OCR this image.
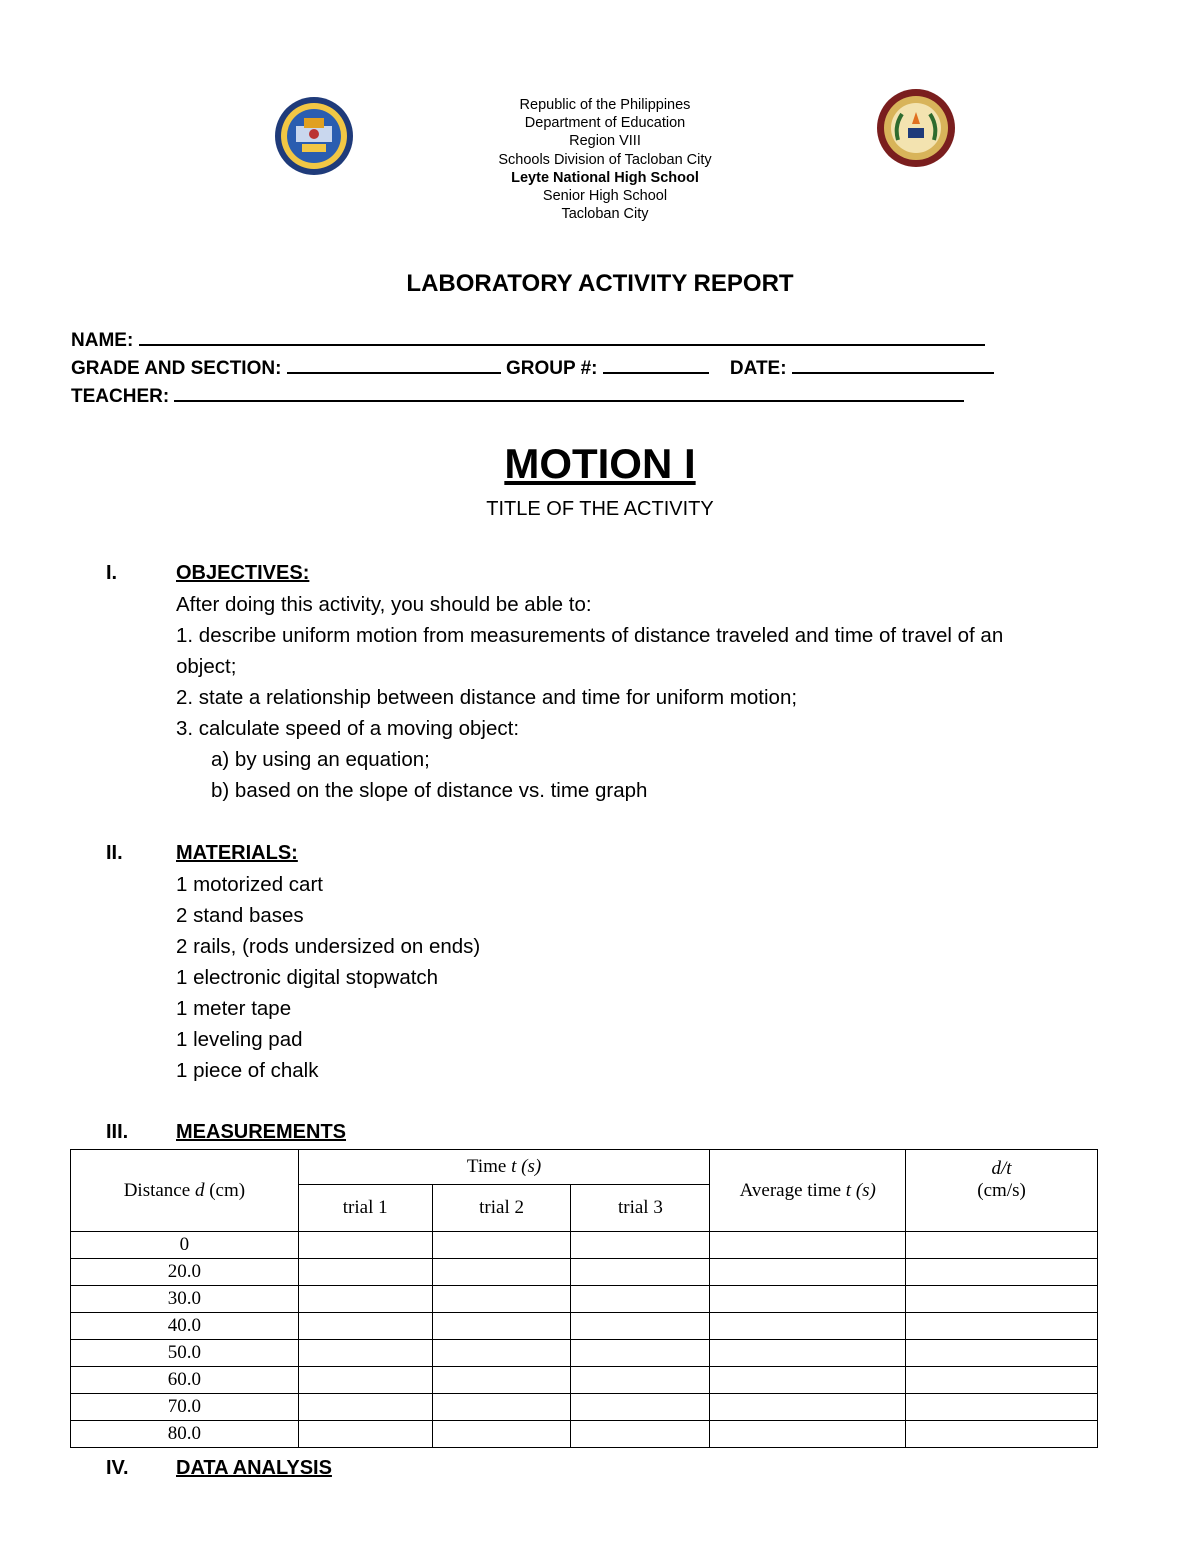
Republic of the Philippines
Department of Education
Region VIII
Schools Division of Tacloban City
Leyte National High School
Senior High School
Tacloban City
LABORATORY ACTIVITY REPORT
NAME:
GRADE AND SECTION:	GROUP #:	DATE:
TEACHER:
MOTION I
TITLE OF THE ACTIVITY
I.	OBJECTIVES:
After doing this activity, you should be able to:
1. describe uniform motion from measurements of distance traveled and time of travel of an
object;
2. state a relationship between distance and time for uniform motion;
3. calculate speed of a moving object:
a) by using an equation;
b) based on the slope of distance vs. time graph
II.	MATERIALS:
1 motorized cart
2 stand bases
2 rails, (rods undersized on ends)
1 electronic digital stopwatch
1 meter tape
1 leveling pad
1 piece of chalk
III. MEASUREMENTS
Distance d (cm)	Time t (s)			Average time t (s)	d/t
(cm/s)

	trial 1	trial 2	trial 3		
0					
20.0					
30.0					
40.0					
50.0					
60.0					
70.0					
80.0					
IV. DATA ANALYSIS
